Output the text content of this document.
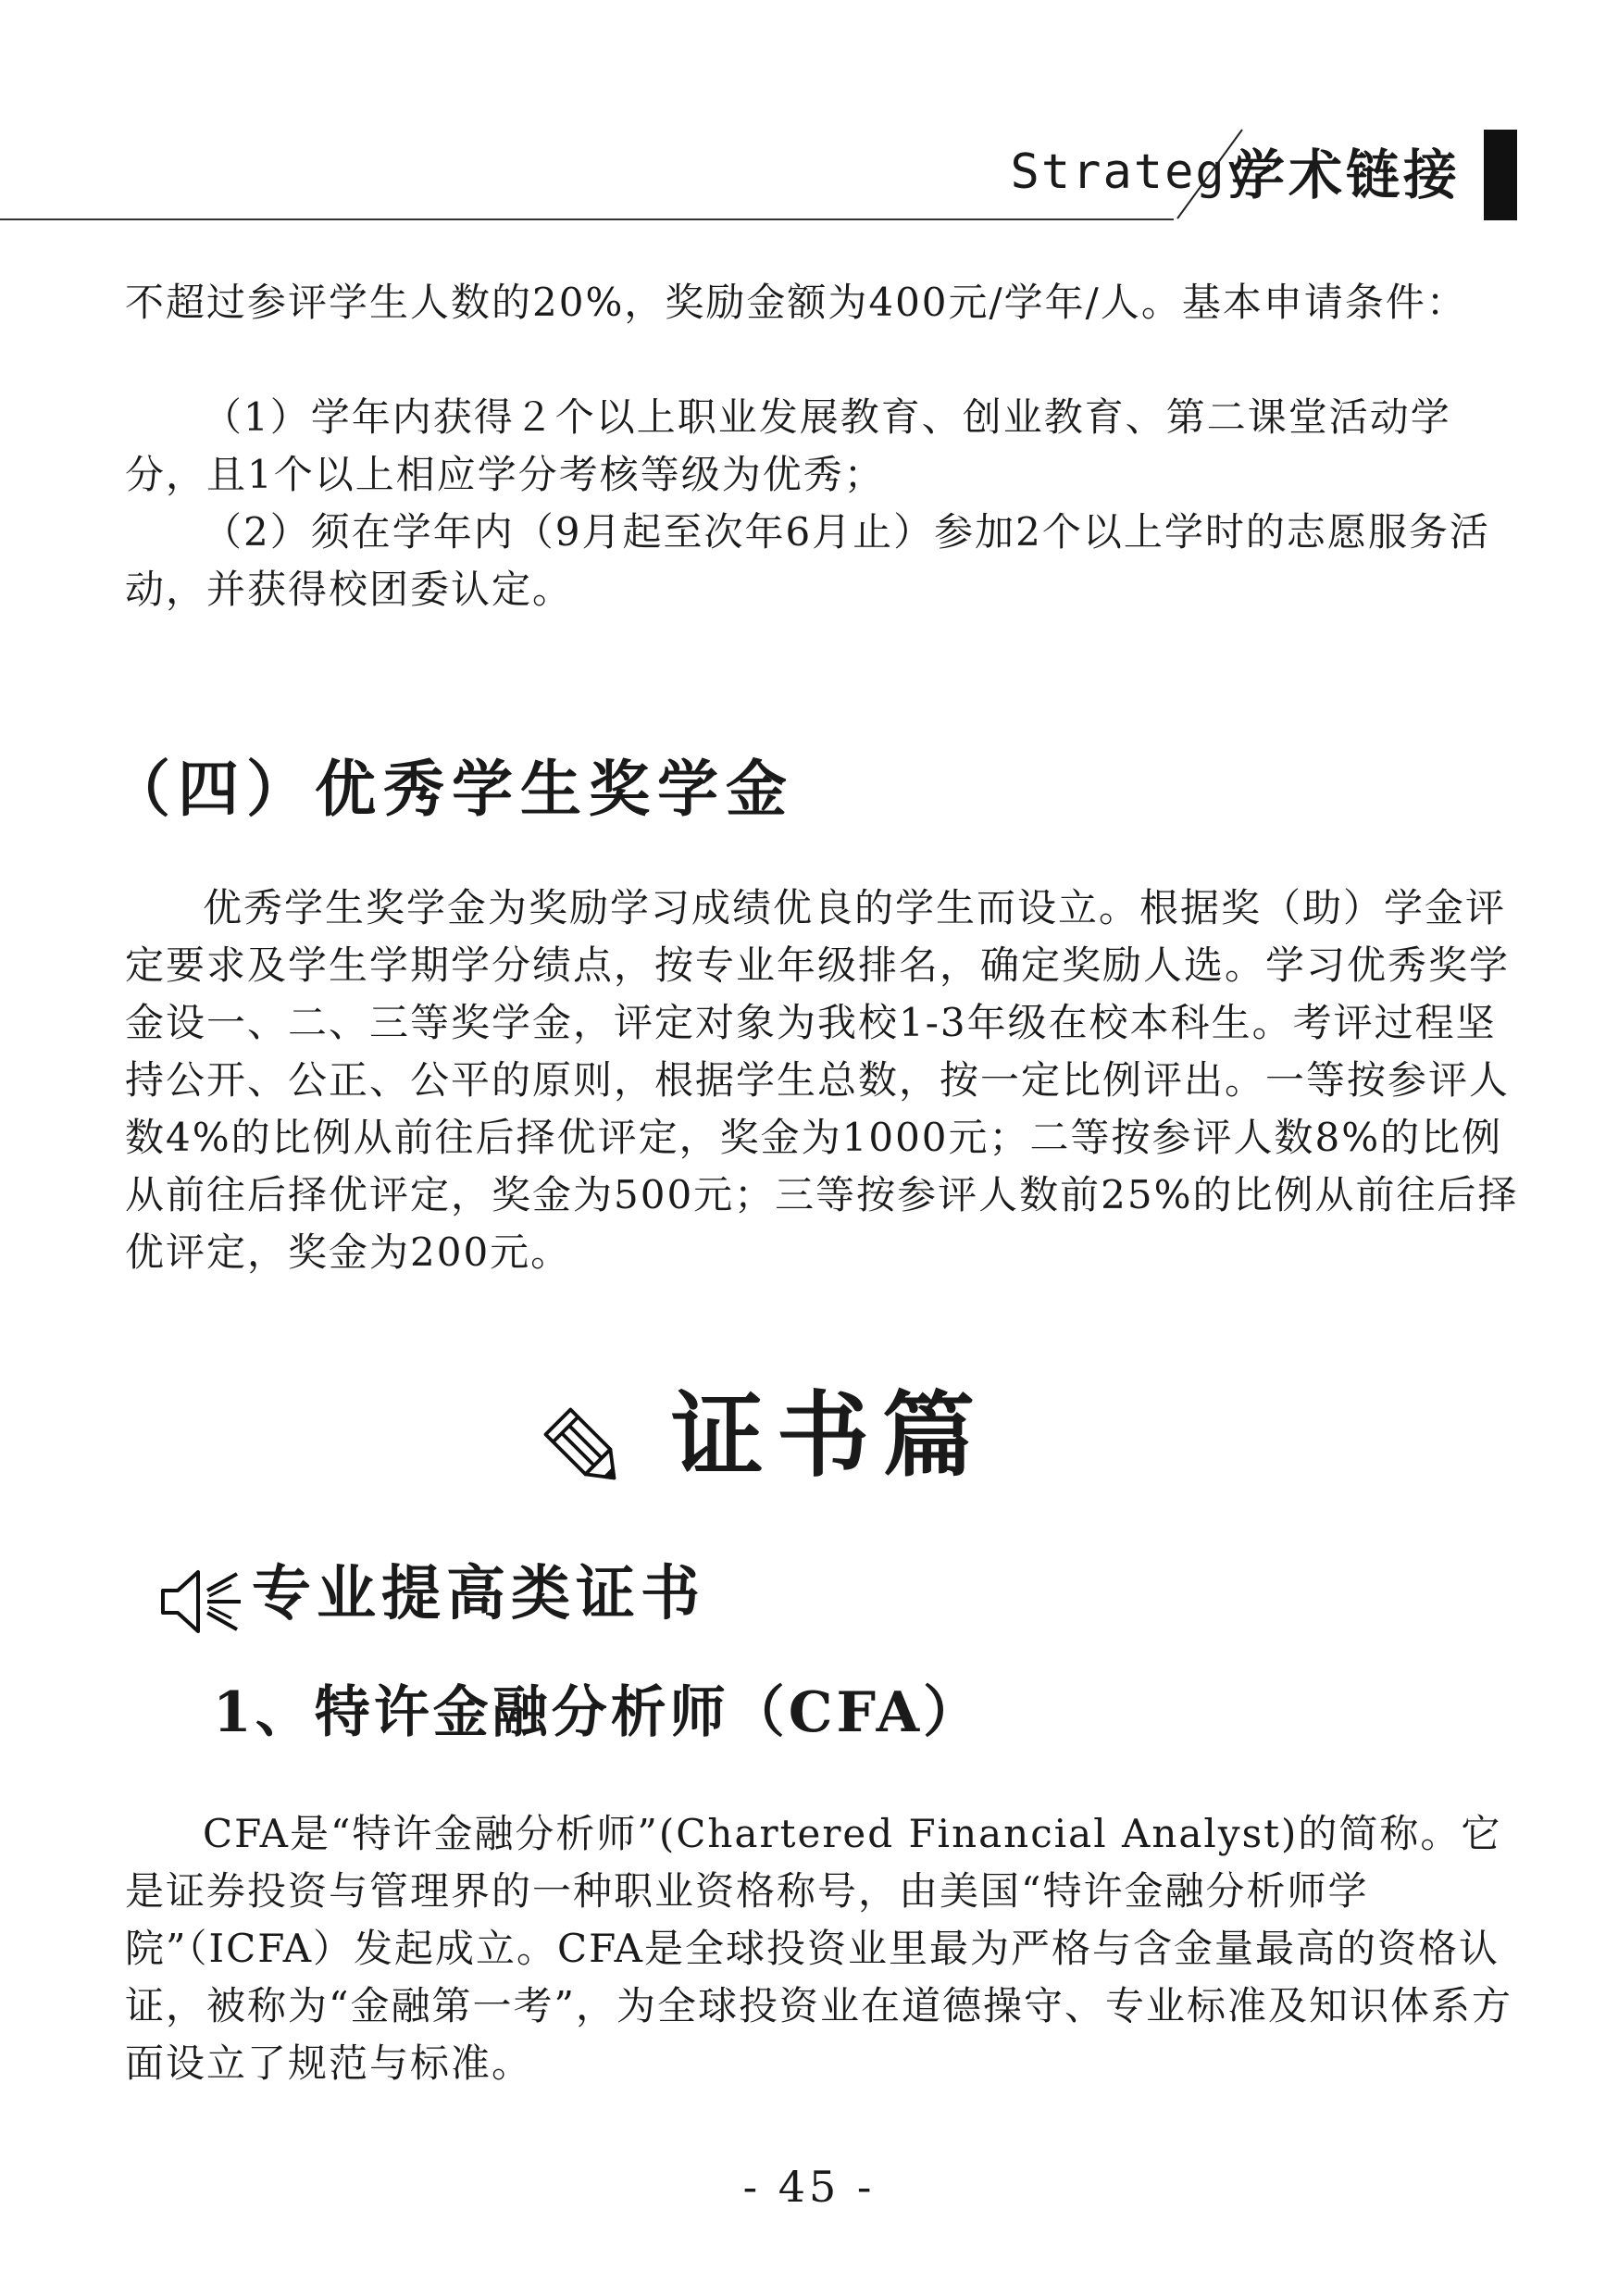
Strategy
学术链接

不超过参评学生人数的20%，奖励金额为400元/学年/人。基本申请条件：

（1）学年内获得２个以上职业发展教育、创业教育、第二课堂活动学分，且1个以上相应学分考核等级为优秀；

（2）须在学年内（9月起至次年6月止）参加2个以上学时的志愿服务活动，并获得校团委认定。

（四）优秀学生奖学金

优秀学生奖学金为奖励学习成绩优良的学生而设立。根据奖（助）学金评定要求及学生学期学分绩点，按专业年级排名，确定奖励人选。学习优秀奖学金设一、二、三等奖学金，评定对象为我校1-3年级在校本科生。考评过程坚持公开、公正、公平的原则，根据学生总数，按一定比例评出。一等按参评人数4%的比例从前往后择优评定，奖金为1000元；二等按参评人数8%的比例从前往后择优评定，奖金为500元；三等按参评人数前25%的比例从前往后择优评定，奖金为200元。

证书篇
专业提高类证书
1、特许金融分析师（CFA）

CFA是“特许金融分析师”(Chartered Financial Analyst)的简称。它是证券投资与管理界的一种职业资格称号，由美国“特许金融分析师学院”（ICFA）发起成立。CFA是全球投资业里最为严格与含金量最高的资格认证，被称为“金融第一考”，为全球投资业在道德操守、专业标准及知识体系方面设立了规范与标准。

- 45 -
